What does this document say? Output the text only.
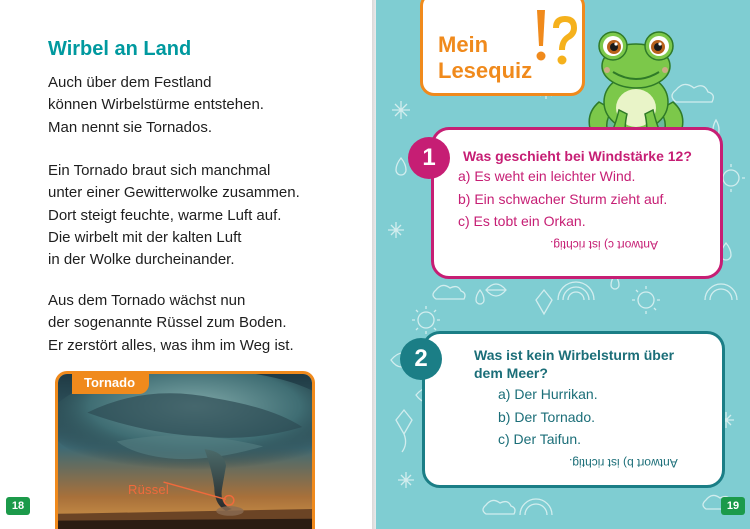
Wirbel an Land

Auch über dem Festland
können Wirbelstürme entstehen.
Man nennt sie Tornados.

Ein Tornado braut sich manchmal
unter einer Gewitterwolke zusammen.
Dort steigt feuchte, warme Luft auf.
Die wirbelt mit der kalten Luft
in der Wolke durcheinander.

Aus dem Tornado wächst nun
der sogenannte Rüssel zum Boden.
Er zerstört alles, was ihm im Weg ist.

Tornado
Rüssel
18
Mein
Lesequiz
1	Was geschieht bei Windstärke 12?
a) Es weht ein leichter Wind.
b) Ein schwacher Sturm zieht auf.
c) Es tobt ein Orkan.
Antwort c) ist richtig.
2	Was ist kein Wirbelsturm über
dem Meer?
a) Der Hurrikan.
b) Der Tornado.
c) Der Taifun.
Antwort b) ist richtig.
19
